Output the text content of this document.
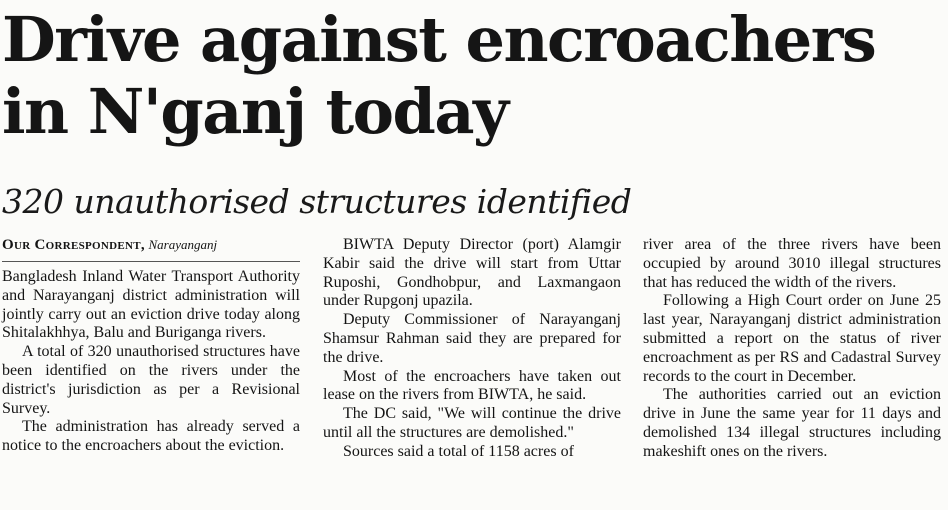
Drive against encroachers
in N'ganj today
320 unauthorised structures identified
Our Correspondent, Narayanganj

Bangladesh Inland Water Transport Authority and Narayanganj district administration will jointly carry out an eviction drive today along Shitalakhhya, Balu and Buriganga rivers.

A total of 320 unauthorised structures have been identified on the rivers under the district's jurisdiction as per a Revisional Survey.

The administration has already served a notice to the encroachers about the eviction.

BIWTA Deputy Director (port) Alamgir Kabir said the drive will start from Uttar Ruposhi, Gondhobpur, and Laxmangaon under Rupgonj upazila.

Deputy Commissioner of Narayanganj Shamsur Rahman said they are prepared for the drive.

Most of the encroachers have taken out lease on the rivers from BIWTA, he said.

The DC said, "We will continue the drive until all the structures are demolished."

Sources said a total of 1158 acres of

river area of the three rivers have been occupied by around 3010 illegal structures that has reduced the width of the rivers.

Following a High Court order on June 25 last year, Narayanganj district administration submitted a report on the status of river encroachment as per RS and Cadastral Survey records to the court in December.

The authorities carried out an eviction drive in June the same year for 11 days and demolished 134 illegal structures including makeshift ones on the rivers.
